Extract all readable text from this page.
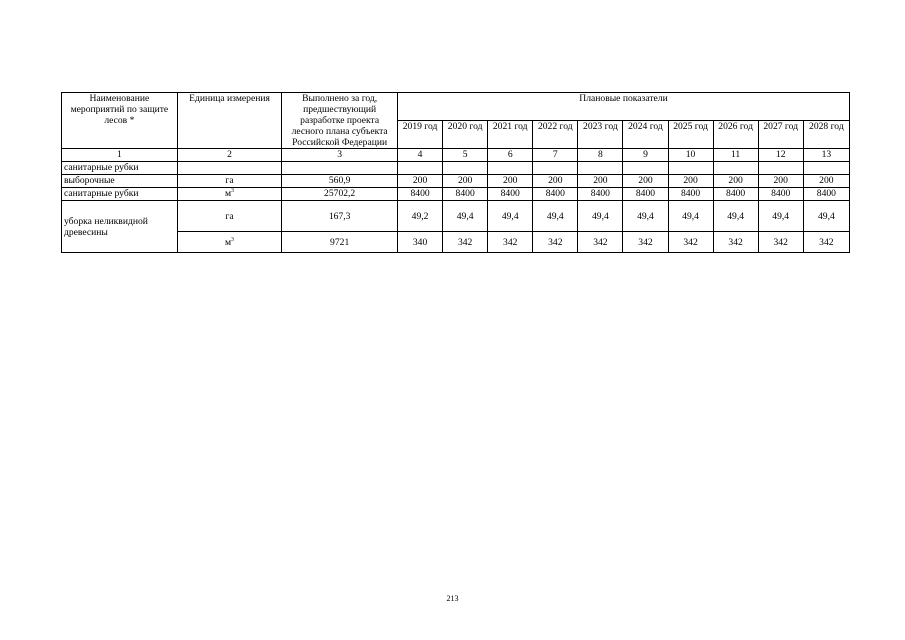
Наименование мероприятий по защите лесов *	Единица измерения	Выполнено за год, предшествующий разработке проекта лесного плана субъекта Российской Федерации	Плановые показатели									
			2019 год	2020 год	2021 год	2022 год	2023 год	2024 год	2025 год	2026 год	2027 год	2028 год
1	2	3	4	5	6	7	8	9	10	11	12	13
санитарные рубки												
выборочные	га	560,9	200	200	200	200	200	200	200	200	200	200
санитарные рубки	$м^3$	25702,2	8400	8400	8400	8400	8400	8400	8400	8400	8400	8400
уборка неликвидной древесины	га	167,3	49,2	49,4	49,4	49,4	49,4	49,4	49,4	49,4	49,4	49,4
	$м^3$	9721	340	342	342	342	342	342	342	342	342	342
213
